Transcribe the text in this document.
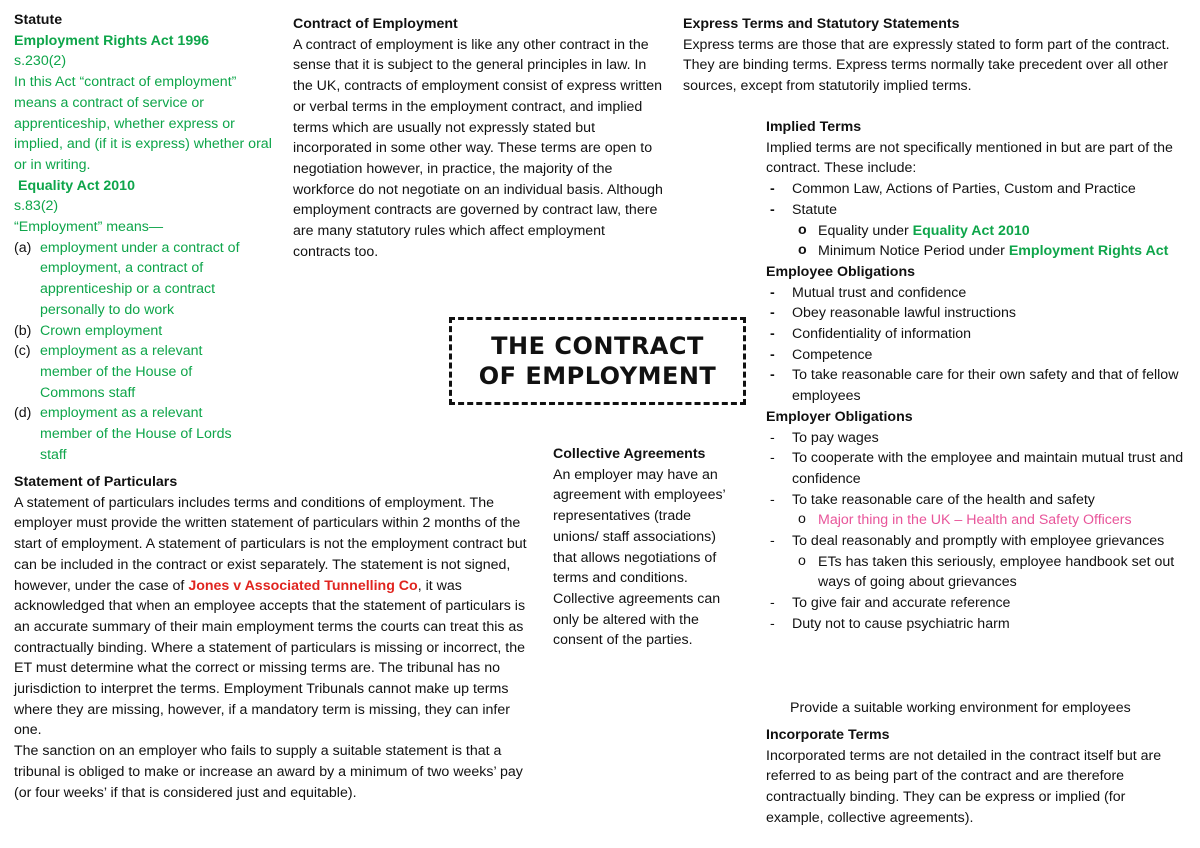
Statute

Employment Rights Act 1996

s.230(2)

In this Act “contract of employment” means a contract of service or apprenticeship, whether express or implied, and (if it is express) whether oral or in writing.

Equality Act 2010

s.83(2)

“Employment” means—

(a) employment under a contract of employment, a contract of apprenticeship or a contract personally to do work
(b) Crown employment
(c) employment as a relevant member of the House of Commons staff
(d) employment as a relevant member of the House of Lords staff

Contract of Employment

A contract of employment is like any other contract in the sense that it is subject to the general principles in law. In the UK, contracts of employment consist of express written or verbal terms in the employment contract, and implied terms which are usually not expressly stated but incorporated in some other way. These terms are open to negotiation however, in practice, the majority of the workforce do not negotiate on an individual basis. Although employment contracts are governed by contract law, there are many statutory rules which affect employment contracts too.

Express Terms and Statutory Statements

Express terms are those that are expressly stated to form part of the contract. They are binding terms. Express terms normally take precedent over all other sources, except from statutorily implied terms.

THE CONTRACT
OF EMPLOYMENT

Implied Terms

Implied terms are not specifically mentioned in but are part of the contract. These include:

- Common Law, Actions of Parties, Custom and Practice
- Statute
o Equality under Equality Act 2010
o Minimum Notice Period under Employment Rights Act

Employee Obligations

- Mutual trust and confidence
- Obey reasonable lawful instructions
- Confidentiality of information
- Competence
- To take reasonable care for their own safety and that of fellow employees

Employer Obligations

- To pay wages
- To cooperate with the employee and maintain mutual trust and confidence
- To take reasonable care of the health and safety
o Major thing in the UK – Health and Safety Officers
- To deal reasonably and promptly with employee grievances
o ETs has taken this seriously, employee handbook set out ways of going about grievances
- To give fair and accurate reference
- Duty not to cause psychiatric harm
Provide a suitable working environment for employees

Incorporate Terms

Incorporated terms are not detailed in the contract itself but are referred to as being part of the contract and are therefore contractually binding. They can be express or implied (for example, collective agreements).

Collective Agreements

An employer may have an agreement with employees’ representatives (trade unions/ staff associations) that allows negotiations of terms and conditions. Collective agreements can only be altered with the consent of the parties.

Statement of Particulars

A statement of particulars includes terms and conditions of employment. The employer must provide the written statement of particulars within 2 months of the start of employment. A statement of particulars is not the employment contract but can be included in the contract or exist separately. The statement is not signed, however, under the case of Jones v Associated Tunnelling Co, it was acknowledged that when an employee accepts that the statement of particulars is an accurate summary of their main employment terms the courts can treat this as contractually binding. Where a statement of particulars is missing or incorrect, the ET must determine what the correct or missing terms are. The tribunal has no jurisdiction to interpret the terms. Employment Tribunals cannot make up terms where they are missing, however, if a mandatory term is missing, they can infer one.

The sanction on an employer who fails to supply a suitable statement is that a tribunal is obliged to make or increase an award by a minimum of two weeks’ pay (or four weeks’ if that is considered just and equitable).
